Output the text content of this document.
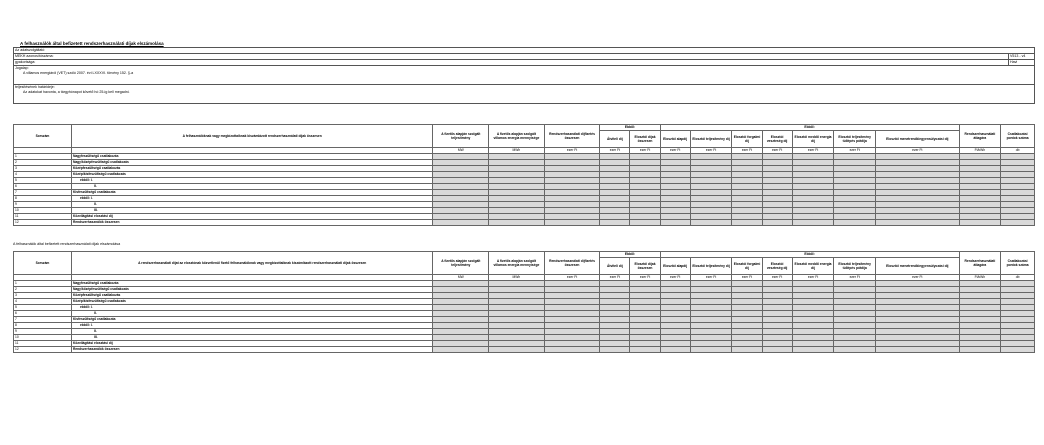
A felhasználók által befizetett rendszerhasználati díjak elszámolása
Az adatszolgáltató
MEKH azonosítószáma:	V513 - v4
gyakorisága:	Havi
Jogalap:
A villamos energiáról (VET) szóló 2007. évi LXXXVI. törvény 152. §-a
teljesítésének határideje:
Az adatokat havonta, a tárgyhónapot követő hó 25-ig kell megadni.
Sorszám	A felhasználóknak vagy megbízottaiknak kiszámlázott rendszerhasználati díjak összesen	A fizetős alapján szolgált teljesítmény	A fizetős alapján szolgált villamos energia mennyisége	Rendszerhasználati díjfizetés összesen	Ebből:		Ebből:							Rendszerhasználati átlagára	Csatlakozási pontok száma
					Átviteli díj	Elosztói díjak összesen	Elosztói alapdíj	Elosztói teljesítmény díj	Elosztói forgalmi díj	Elosztói veszteség díj	Elosztói meddő energia díj	Elosztói teljesítmény túllépés pótdíja	Elosztói menetrendkiegyensúlyozási díj		
		MW	MWh	ezer Ft	ezer Ft	ezer Ft	ezer Ft	ezer Ft	ezer Ft	ezer Ft	ezer Ft	ezer Ft	ezer Ft	Ft/kWh	db
1	Nagyfeszültségű csatlakozás														
2	Nagy/középfeszültségű csatlakozás														
3	Középfeszültségű csatlakozás														
4	Közép/kisfeszültségű csatlakozás														
5	ebből: I.														
6	II.														
7	Kisfeszültségű csatlakozás														
8	ebből: I.														
9	II.														
10	III.														
11	Közvilágítási elosztási díj														
12	Rendszerhasználók összesen														
A felhasználók által befizetett rendszerhasználati díjak elszámolása
Sorszám	A rendszerhasználati díjat az elosztónak közvetlenül fizető felhasználóknak vagy megbízottaiknak kiszámlázott rendszerhasználati díjak összesen	A fizetős alapján szolgált teljesítmény	A fizetős alapján szolgált villamos energia mennyisége	Rendszerhasználati díjfizetés összesen	Ebből:		Ebből:							Rendszerhasználati átlagára	Csatlakozási pontok száma
					Átviteli díj	Elosztói díjak összesen	Elosztói alapdíj	Elosztói teljesítmény díj	Elosztói forgalmi díj	Elosztói veszteség díj	Elosztói meddő energia díj	Elosztói teljesítmény túllépés pótdíja	Elosztói menetrendkiegyensúlyozási díj		
		MW	MWh	ezer Ft	ezer Ft	ezer Ft	ezer Ft	ezer Ft	ezer Ft	ezer Ft	ezer Ft	ezer Ft	ezer Ft	Ft/kWh	db
1	Nagyfeszültségű csatlakozás														
2	Nagy/középfeszültségű csatlakozás														
3	Középfeszültségű csatlakozás														
4	Közép/kisfeszültségű csatlakozás														
5	ebből: I.														
6	II.														
7	Kisfeszültségű csatlakozás														
8	ebből: I.														
9	II.														
10	III.														
11	Közvilágítási elosztási díj														
12	Rendszerhasználók összesen														
